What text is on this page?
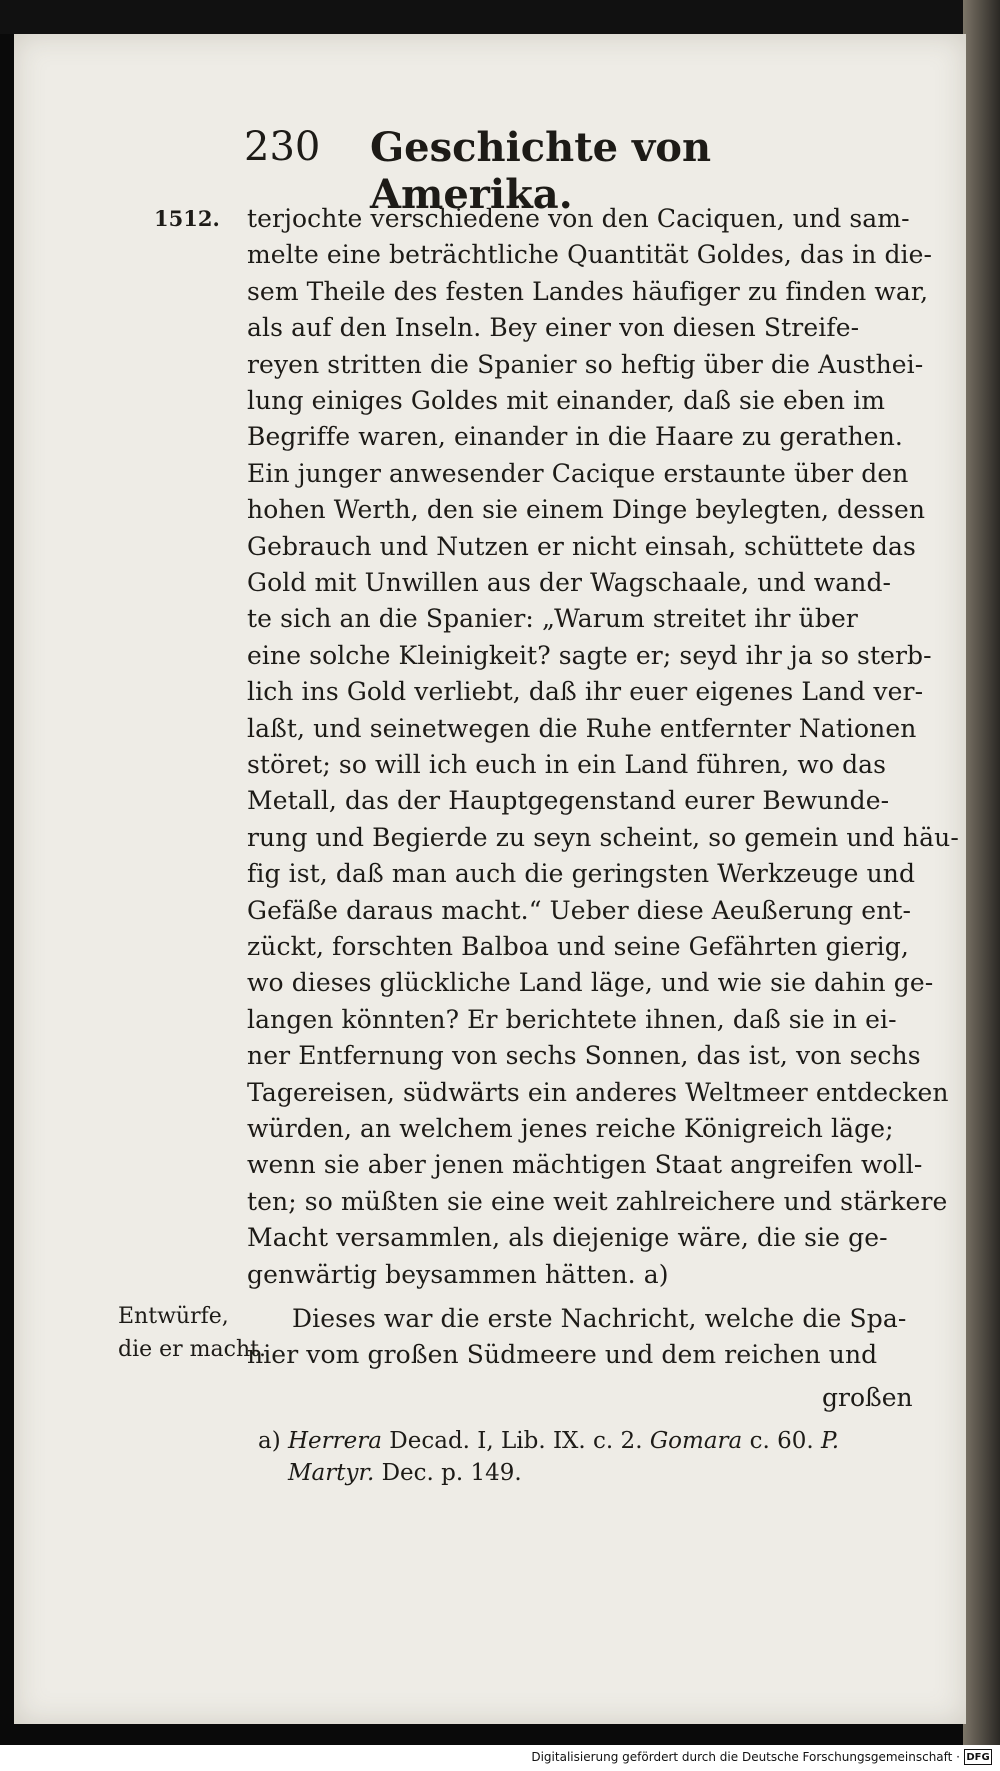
230 Geschichte von Amerika.
1512. terjochte verschiedene von den Caciquen, und sam-
melte eine beträchtliche Quantität Goldes, das in die-
sem Theile des festen Landes häufiger zu finden war,
als auf den Inseln. Bey einer von diesen Streife-
reyen stritten die Spanier so heftig über die Austhei-
lung einiges Goldes mit einander, daß sie eben im
Begriffe waren, einander in die Haare zu gerathen.
Ein junger anwesender Cacique erstaunte über den
hohen Werth, den sie einem Dinge beylegten, dessen
Gebrauch und Nutzen er nicht einsah, schüttete das
Gold mit Unwillen aus der Wagschaale, und wand-
te sich an die Spanier: „Warum streitet ihr über
eine solche Kleinigkeit? sagte er; seyd ihr ja so sterb-
lich ins Gold verliebt, daß ihr euer eigenes Land ver-
laßt, und seinetwegen die Ruhe entfernter Nationen
störet; so will ich euch in ein Land führen, wo das
Metall, das der Hauptgegenstand eurer Bewunde-
rung und Begierde zu seyn scheint, so gemein und häu-
fig ist, daß man auch die geringsten Werkzeuge und
Gefäße daraus macht.“ Ueber diese Aeußerung ent-
zückt, forschten Balboa und seine Gefährten gierig,
wo dieses glückliche Land läge, und wie sie dahin ge-
langen könnten? Er berichtete ihnen, daß sie in ei-
ner Entfernung von sechs Sonnen, das ist, von sechs
Tagereisen, südwärts ein anderes Weltmeer entdecken
würden, an welchem jenes reiche Königreich läge;
wenn sie aber jenen mächtigen Staat angreifen woll-
ten; so müßten sie eine weit zahlreichere und stärkere
Macht versammlen, als diejenige wäre, die sie ge-
genwärtig beysammen hätten. a)
Dieses war die erste Nachricht, welche die Spa-
nier vom großen Südmeere und dem reichen und
Entwürfe,
die er macht.
großen
a) Herrera Decad. I, Lib. IX. c. 2. Gomara c. 60. P.
Martyr. Dec. p. 149.
Digitalisierung gefördert durch die Deutsche Forschungsgemeinschaft · DFG
